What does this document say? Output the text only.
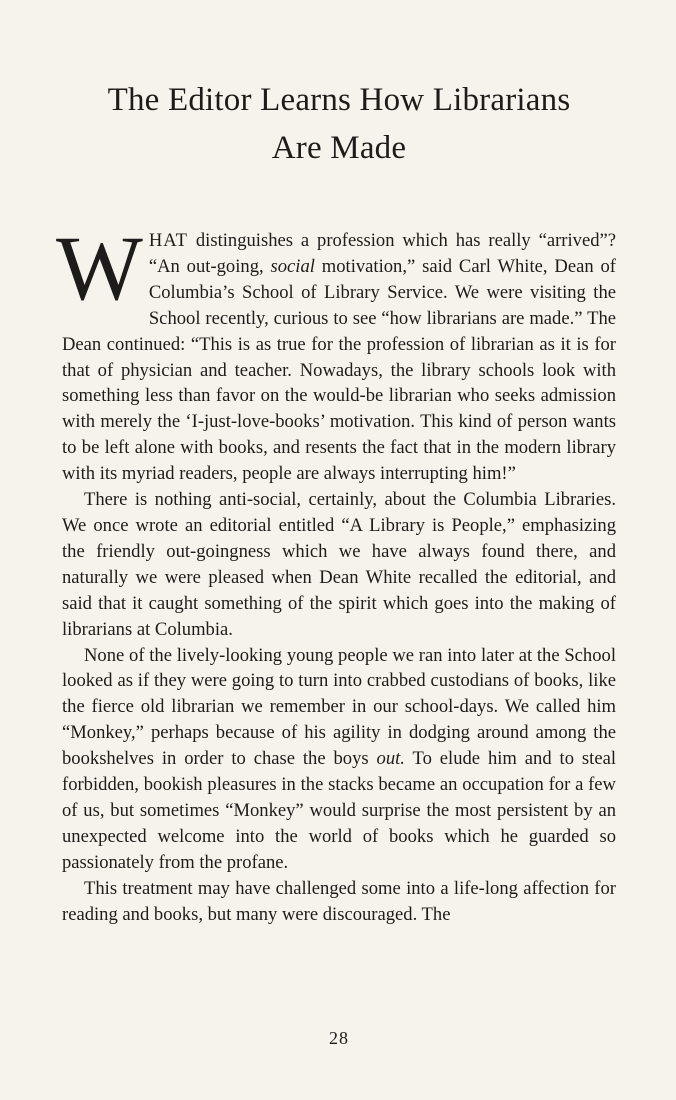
The Editor Learns How Librarians
Are Made

WHAT distinguishes a profession which has really “arrived”? “An out-going, social motivation,” said Carl White, Dean of Columbia’s School of Library Service. We were visiting the School recently, curious to see “how librarians are made.” The Dean continued: “This is as true for the profession of librarian as it is for that of physician and teacher. Nowadays, the library schools look with something less than favor on the would-be librarian who seeks admission with merely the ‘I-just-love-books’ motivation. This kind of person wants to be left alone with books, and resents the fact that in the modern library with its myriad readers, people are always interrupting him!”

There is nothing anti-social, certainly, about the Columbia Libraries. We once wrote an editorial entitled “A Library is People,” emphasizing the friendly out-goingness which we have always found there, and naturally we were pleased when Dean White recalled the editorial, and said that it caught something of the spirit which goes into the making of librarians at Columbia.

None of the lively-looking young people we ran into later at the School looked as if they were going to turn into crabbed custodians of books, like the fierce old librarian we remember in our school-days. We called him “Monkey,” perhaps because of his agility in dodging around among the bookshelves in order to chase the boys out. To elude him and to steal forbidden, bookish pleasures in the stacks became an occupation for a few of us, but sometimes “Monkey” would surprise the most persistent by an unexpected welcome into the world of books which he guarded so passionately from the profane.

This treatment may have challenged some into a life-long affection for reading and books, but many were discouraged. The

28
